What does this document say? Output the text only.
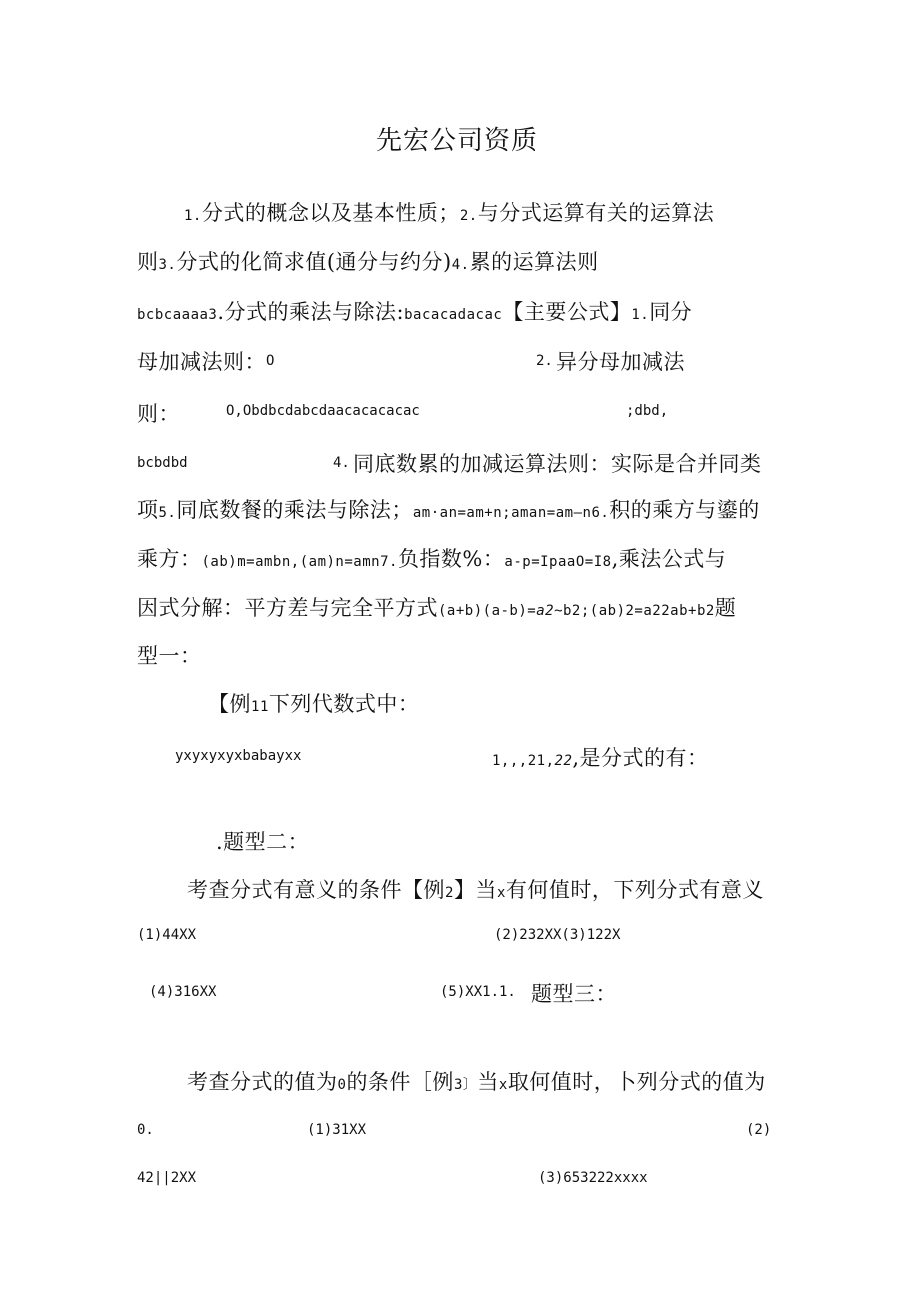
先宏公司资质
1.分式的概念以及基本性质；2.与分式运算有关的运算法
则3.分式的化简求值(通分与约分)4.累的运算法则
bcbcaaaa3.分式的乘法与除法:bacacadacac【主要公式】1.同分
母加减法则： O	2. 异分母加减法
则：	O,Obdbcdabcdaacacacacac	;dbd,
bcbdbd	4. 同底数累的加减运算法则：实际是合并同类
项5.同底数餐的乘法与除法；am·an=am+n;aman=am—n6.积的乘方与鎏的
乘方：(ab)m=ambn,(am)n=amn7.负指数%：a-p=IpaaO=I8,乘法公式与
因式分解：平方差与完全平方式(a+b)(a-b)=a2~b2;(ab)2=a22ab+b2题
型一：
【例11下列代数式中：
yxyxyxyxbabayxx	1,,,21,22,是分式的有：
.题型二：
考查分式有意义的条件【例2】当x有何值时，下列分式有意义
(1)44XX	(2)232XX(3)122X
(4)316XX	(5)XX1.1. 题型三：
考查分式的值为0的条件［例3〕当x取何值时，卜列分式的值为
0.	(1)31XX	(2)
42||2XX	(3)653222xxxx
